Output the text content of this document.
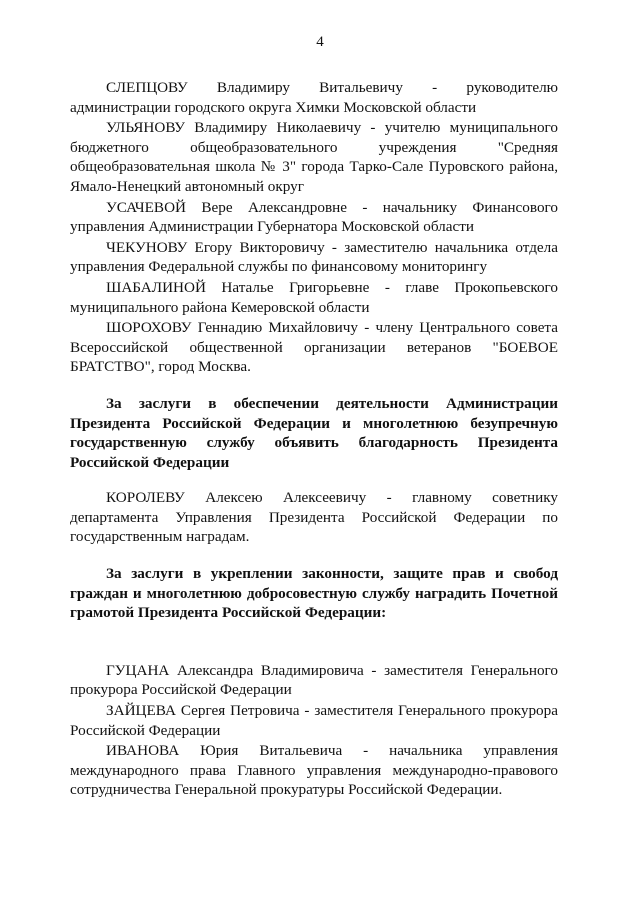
4

СЛЕПЦОВУ Владимиру Витальевичу - руководителю администрации городского округа Химки Московской области

УЛЬЯНОВУ Владимиру Николаевичу - учителю муниципального бюджетного общеобразовательного учреждения "Средняя общеобразовательная школа № 3" города Тарко-Сале Пуровского района, Ямало-Ненецкий автономный округ

УСАЧЕВОЙ Вере Александровне - начальнику Финансового управления Администрации Губернатора Московской области

ЧЕКУНОВУ Егору Викторовичу - заместителю начальника отдела управления Федеральной службы по финансовому мониторингу

ШАБАЛИНОЙ Наталье Григорьевне - главе Прокопьевского муниципального района Кемеровской области

ШОРОХОВУ Геннадию Михайловичу - члену Центрального совета Всероссийской общественной организации ветеранов "БОЕВОЕ БРАТСТВО", город Москва.

За заслуги в обеспечении деятельности Администрации Президента Российской Федерации и многолетнюю безупречную государственную службу объявить благодарность Президента Российской Федерации

КОРОЛЕВУ Алексею Алексеевичу - главному советнику департамента Управления Президента Российской Федерации по государственным наградам.

За заслуги в укреплении законности, защите прав и свобод граждан и многолетнюю добросовестную службу наградить Почетной грамотой Президента Российской Федерации:

ГУЦАНА Александра Владимировича - заместителя Генерального прокурора Российской Федерации

ЗАЙЦЕВА Сергея Петровича - заместителя Генерального прокурора Российской Федерации

ИВАНОВА Юрия Витальевича - начальника управления международного права Главного управления международно-правового сотрудничества Генеральной прокуратуры Российской Федерации.
